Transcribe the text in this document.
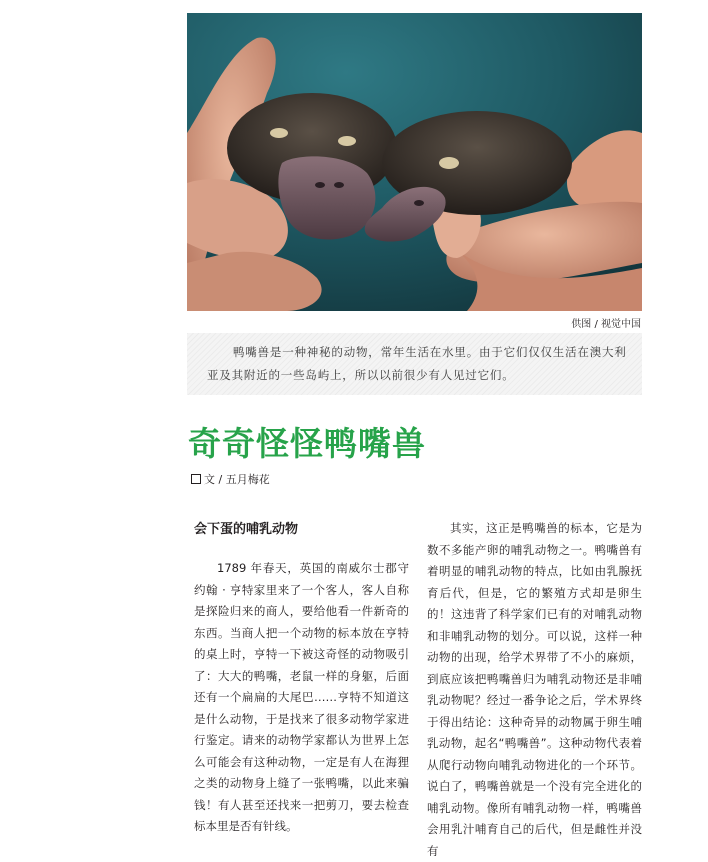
供图 / 视觉中国

鸭嘴兽是一种神秘的动物，常年生活在水里。由于它们仅仅生活在澳大利亚及其附近的一些岛屿上，所以以前很少有人见过它们。

奇奇怪怪鸭嘴兽
文 / 五月梅花
会下蛋的哺乳动物

1789 年春天，英国的南威尔士郡守约翰 · 亨特家里来了一个客人，客人自称是探险归来的商人，要给他看一件新奇的东西。当商人把一个动物的标本放在亨特的桌上时，亨特一下被这奇怪的动物吸引了：大大的鸭嘴，老鼠一样的身躯，后面还有一个扁扁的大尾巴……亨特不知道这是什么动物，于是找来了很多动物学家进行鉴定。请来的动物学家都认为世界上怎么可能会有这种动物，一定是有人在海狸之类的动物身上缝了一张鸭嘴，以此来骗钱！有人甚至还找来一把剪刀，要去检查标本里是否有针线。

其实，这正是鸭嘴兽的标本，它是为数不多能产卵的哺乳动物之一。鸭嘴兽有着明显的哺乳动物的特点，比如由乳腺抚育后代，但是，它的繁殖方式却是卵生的！这违背了科学家们已有的对哺乳动物和非哺乳动物的划分。可以说，这样一种动物的出现，给学术界带了不小的麻烦，到底应该把鸭嘴兽归为哺乳动物还是非哺乳动物呢？经过一番争论之后，学术界终于得出结论：这种奇异的动物属于卵生哺乳动物，起名“鸭嘴兽”。这种动物代表着从爬行动物向哺乳动物进化的一个环节。说白了，鸭嘴兽就是一个没有完全进化的哺乳动物。像所有哺乳动物一样，鸭嘴兽会用乳汁哺育自己的后代，但是雌性并没有
